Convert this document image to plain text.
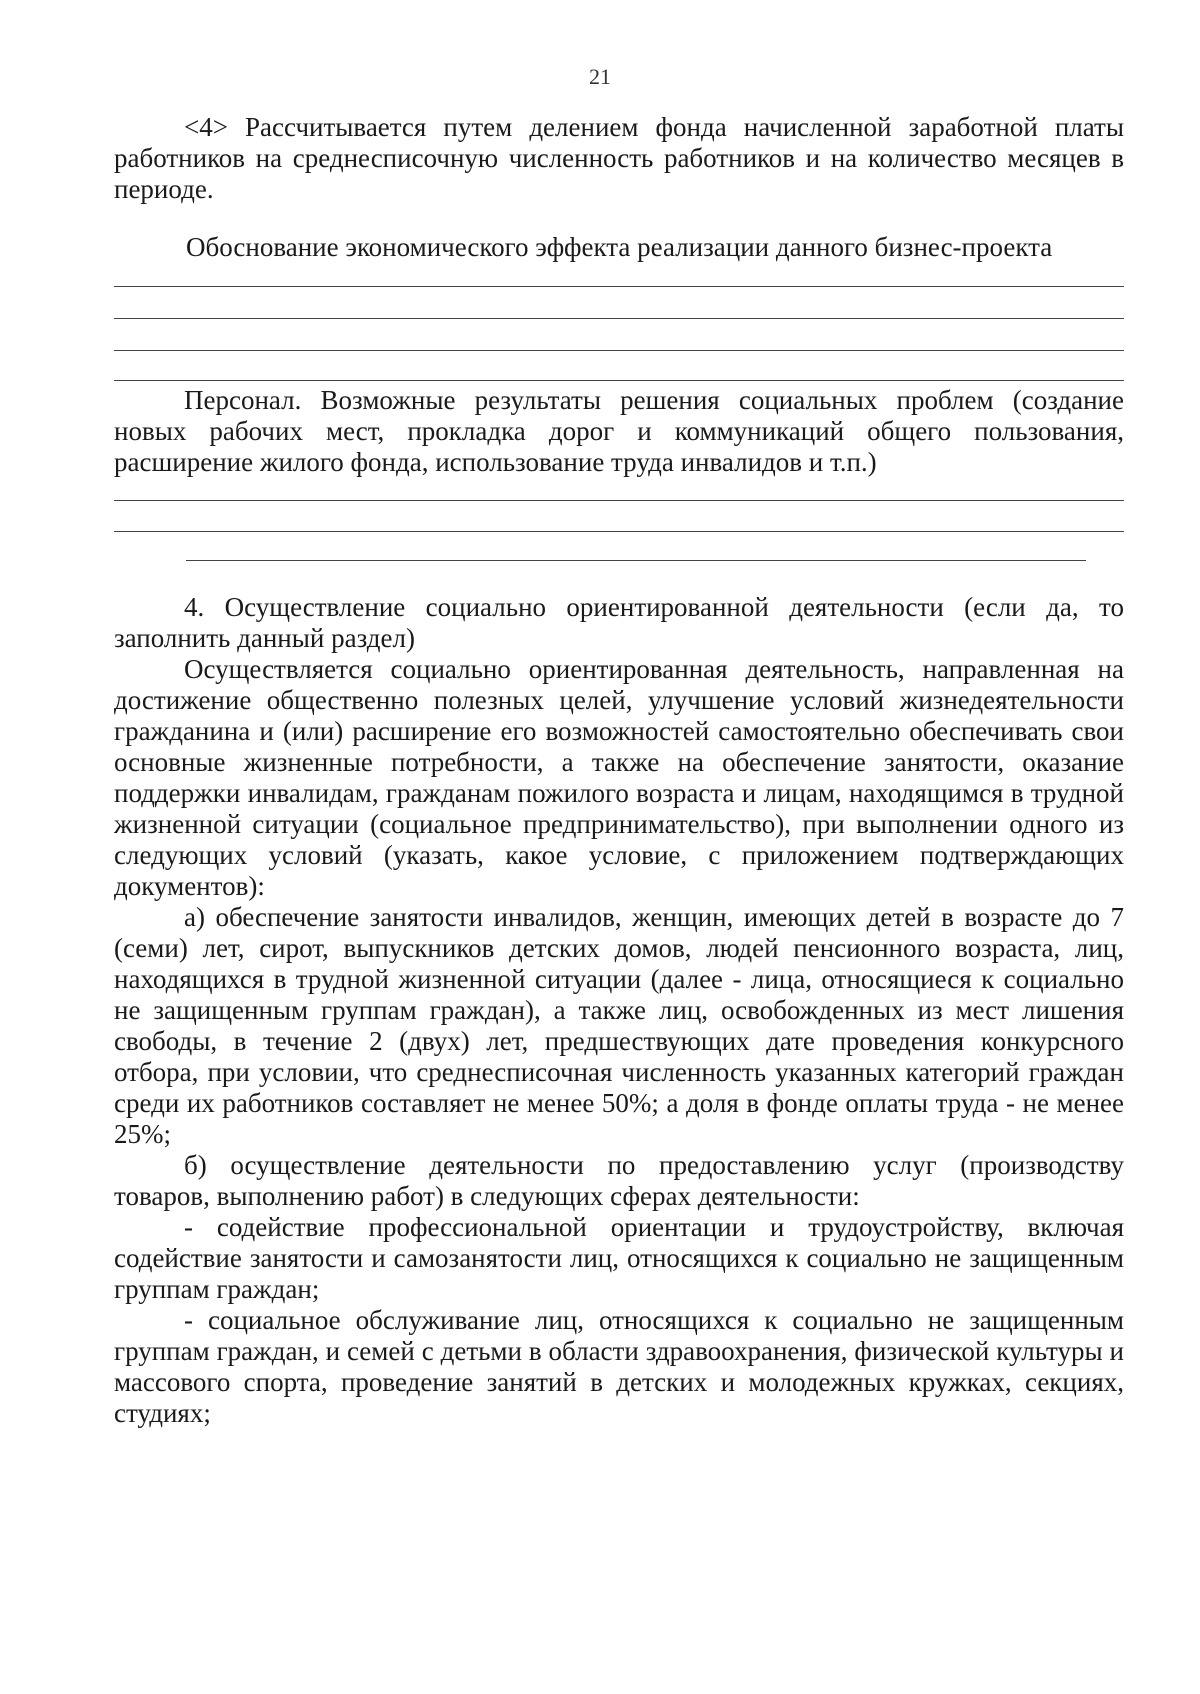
21

<4> Рассчитывается путем делением фонда начисленной заработной платы работников на среднесписочную численность работников и на количество месяцев в периоде.

Обоснование экономического эффекта реализации данного бизнес-проекта

Персонал. Возможные результаты решения социальных проблем (создание новых рабочих мест, прокладка дорог и коммуникаций общего пользования, расширение жилого фонда, использование труда инвалидов и т.п.)

4. Осуществление социально ориентированной деятельности (если да, то заполнить данный раздел)

Осуществляется социально ориентированная деятельность, направленная на достижение общественно полезных целей, улучшение условий жизнедеятельности гражданина и (или) расширение его возможностей самостоятельно обеспечивать свои основные жизненные потребности, а также на обеспечение занятости, оказание поддержки инвалидам, гражданам пожилого возраста и лицам, находящимся в трудной жизненной ситуации (социальное предпринимательство), при выполнении одного из следующих условий (указать, какое условие, с приложением подтверждающих документов):

а) обеспечение занятости инвалидов, женщин, имеющих детей в возрасте до 7 (семи) лет, сирот, выпускников детских домов, людей пенсионного возраста, лиц, находящихся в трудной жизненной ситуации (далее - лица, относящиеся к социально не защищенным группам граждан), а также лиц, освобожденных из мест лишения свободы, в течение 2 (двух) лет, предшествующих дате проведения конкурсного отбора, при условии, что среднесписочная численность указанных категорий граждан среди их работников составляет не менее 50%; а доля в фонде оплаты труда - не менее 25%;

б) осуществление деятельности по предоставлению услуг (производству товаров, выполнению работ) в следующих сферах деятельности:

- содействие профессиональной ориентации и трудоустройству, включая содействие занятости и самозанятости лиц, относящихся к социально не защищенным группам граждан;

- социальное обслуживание лиц, относящихся к социально не защищенным группам граждан, и семей с детьми в области здравоохранения, физической культуры и массового спорта, проведение занятий в детских и молодежных кружках, секциях, студиях;
